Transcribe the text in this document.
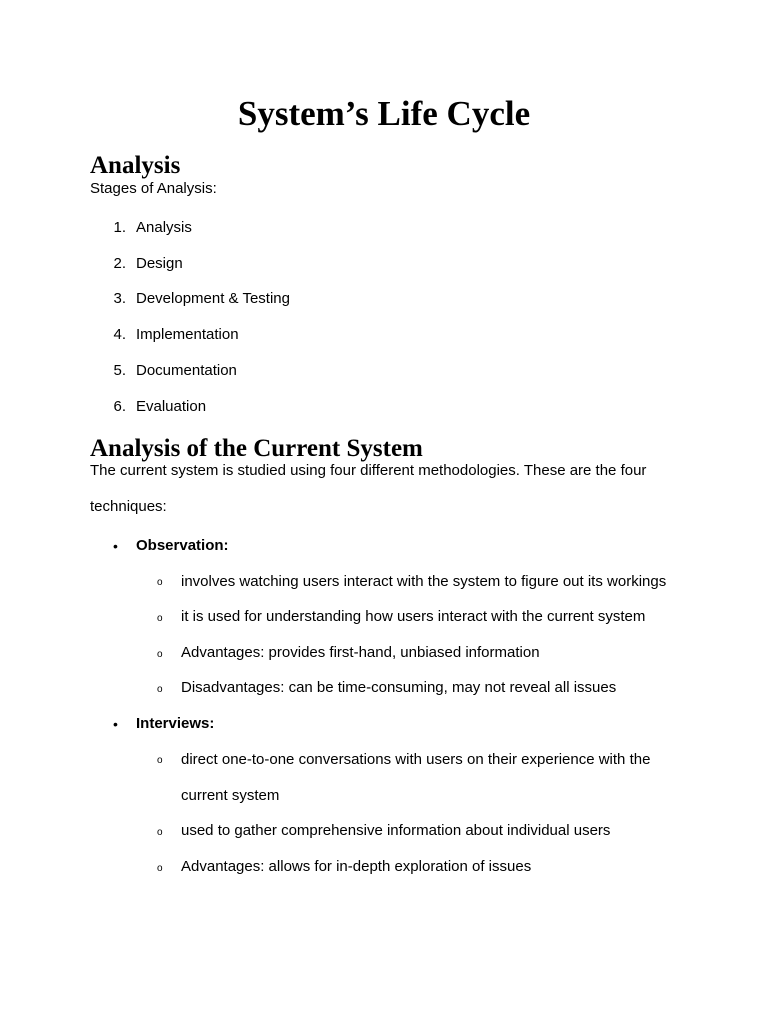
System’s Life Cycle
Analysis
Stages of Analysis:
1. Analysis
2. Design
3. Development & Testing
4. Implementation
5. Documentation
6. Evaluation
Analysis of the Current System
The current system is studied using four different methodologies. These are the four
techniques:
• Observation:
o involves watching users interact with the system to figure out its workings
o it is used for understanding how users interact with the current system
o Advantages: provides first-hand, unbiased information
o Disadvantages: can be time-consuming, may not reveal all issues
• Interviews:
o direct one-to-one conversations with users on their experience with the
current system
o used to gather comprehensive information about individual users
o Advantages: allows for in-depth exploration of issues
